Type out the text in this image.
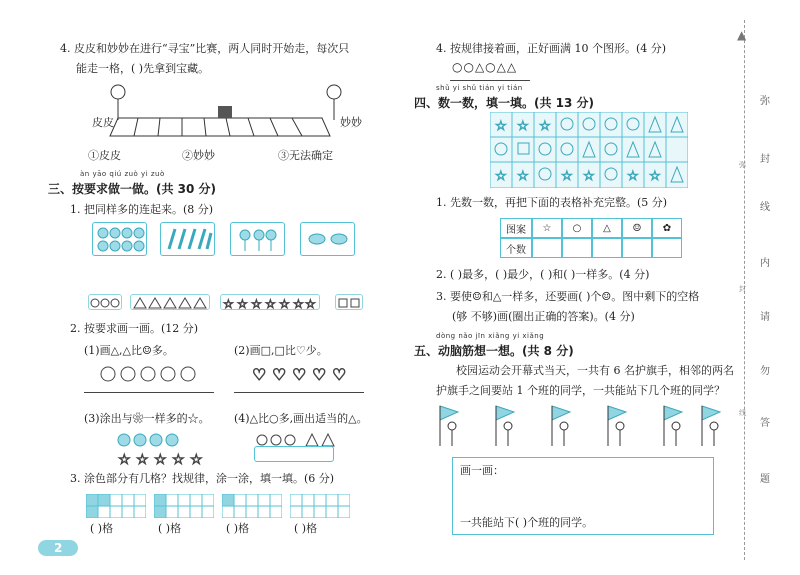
4. 皮皮和妙妙在进行“寻宝”比赛，两人同时开始走，每次只
能走一格，( )先拿到宝藏。
皮皮	妙妙
①皮皮	②妙妙	③无法确定
àn yāo qiú zuò yi zuò
三、按要求做一做。(共 30 分)
1. 把同样多的连起来。(8 分)
☆ ☆ ☆ ☆ ☆ ☆ ☆
2. 按要求画一画。(12 分)
(1)画△,△比☺多。	(2)画□,□比♡少。
♡ ♡ ♡ ♡ ♡
(3)涂出与❀一样多的☆。 (4)△比○多,画出适当的△。
☆ ☆ ☆ ☆ ☆
3. 涂色部分有几格？找规律，涂一涂，填一填。(6 分)
( )格	( )格	( )格	( )格
2
4. 按规律接着画，正好画满 10 个图形。(4 分)
○○△○△△
shǔ yi shǔ tián yi tián
四、数一数，填一填。(共 13 分)
☆ ☆ ☆
☆ ☆ ☆ ☆ ☆ ☆
1. 先数一数，再把下面的表格补充完整。(5 分)
图案	☆	○	△	☺	✿
个数
2. ( )最多，( )最少，( )和( )一样多。(4 分)
3. 要使☺和△一样多，还要画( )个☺。图中剩下的空格
(够 不够)画(圈出正确的答案)。(4 分)
dòng nǎo jīn xiǎng yi xiǎng
五、动脑筋想一想。(共 8 分)
校园运动会开幕式当天，一共有 6 名护旗手，相邻的两名
护旗手之间要站 1 个班的同学，一共能站下几个班的同学？
画一画：
一共能站下( )个班的同学。
▲
弥
封
线
内
请
勿
答
题
弥
封
线
